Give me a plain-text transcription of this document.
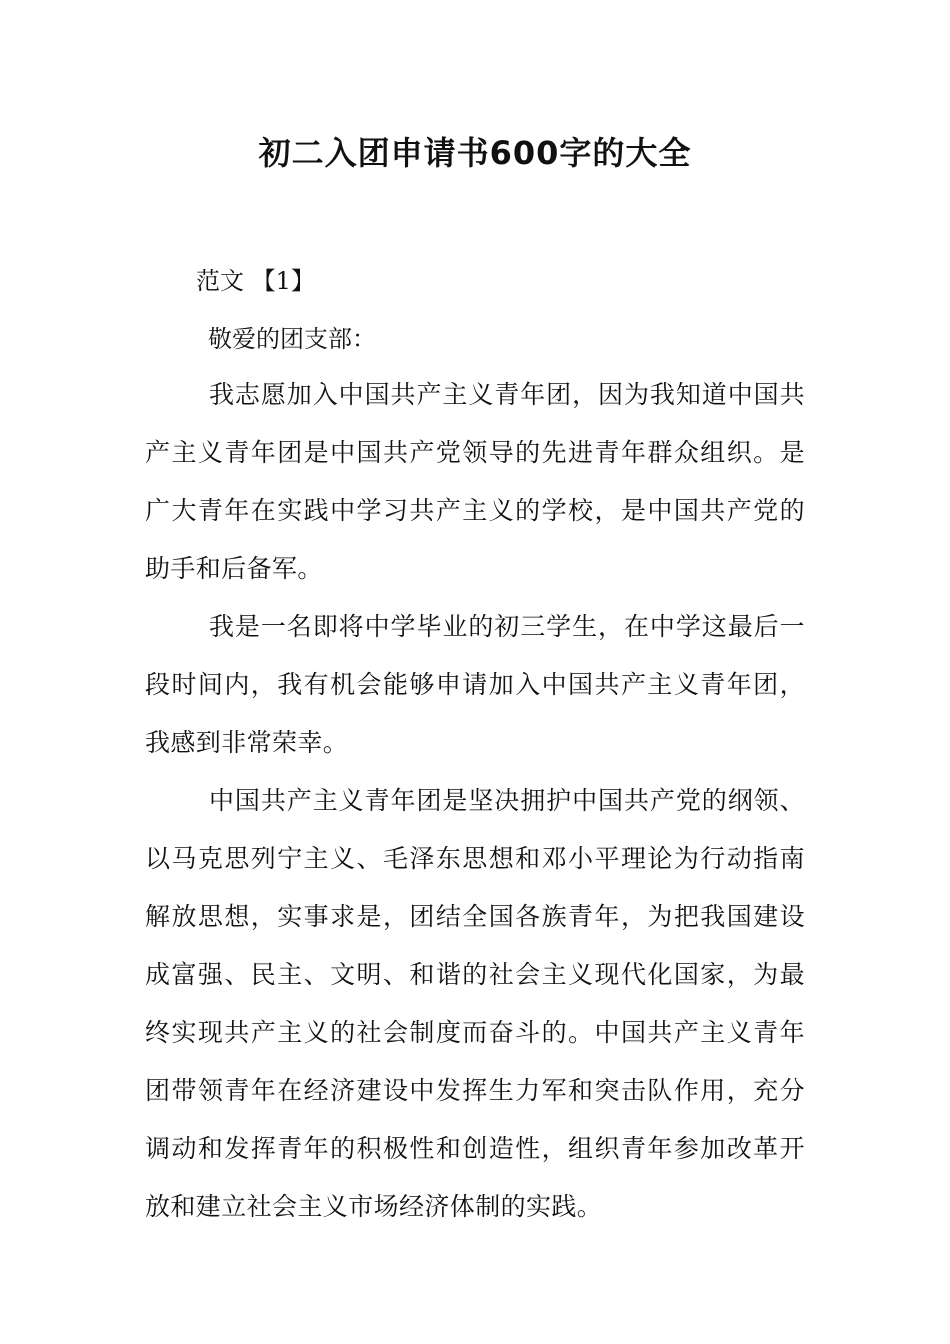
初二入团申请书600字的大全
范文 【1】
敬爱的团支部：

我志愿加入中国共产主义青年团，因为我知道中国共产主义青年团是中国共产党领导的先进青年群众组织。是广大青年在实践中学习共产主义的学校，是中国共产党的助手和后备军。

我是一名即将中学毕业的初三学生，在中学这最后一段时间内，我有机会能够申请加入中国共产主义青年团，我感到非常荣幸。

中国共产主义青年团是坚决拥护中国共产党的纲领、以马克思列宁主义、毛泽东思想和邓小平理论为行动指南解放思想，实事求是，团结全国各族青年，为把我国建设成富强、民主、文明、和谐的社会主义现代化国家，为最终实现共产主义的社会制度而奋斗的。中国共产主义青年团带领青年在经济建设中发挥生力军和突击队作用，充分调动和发挥青年的积极性和创造性，组织青年参加改革开放和建立社会主义市场经济体制的实践。
